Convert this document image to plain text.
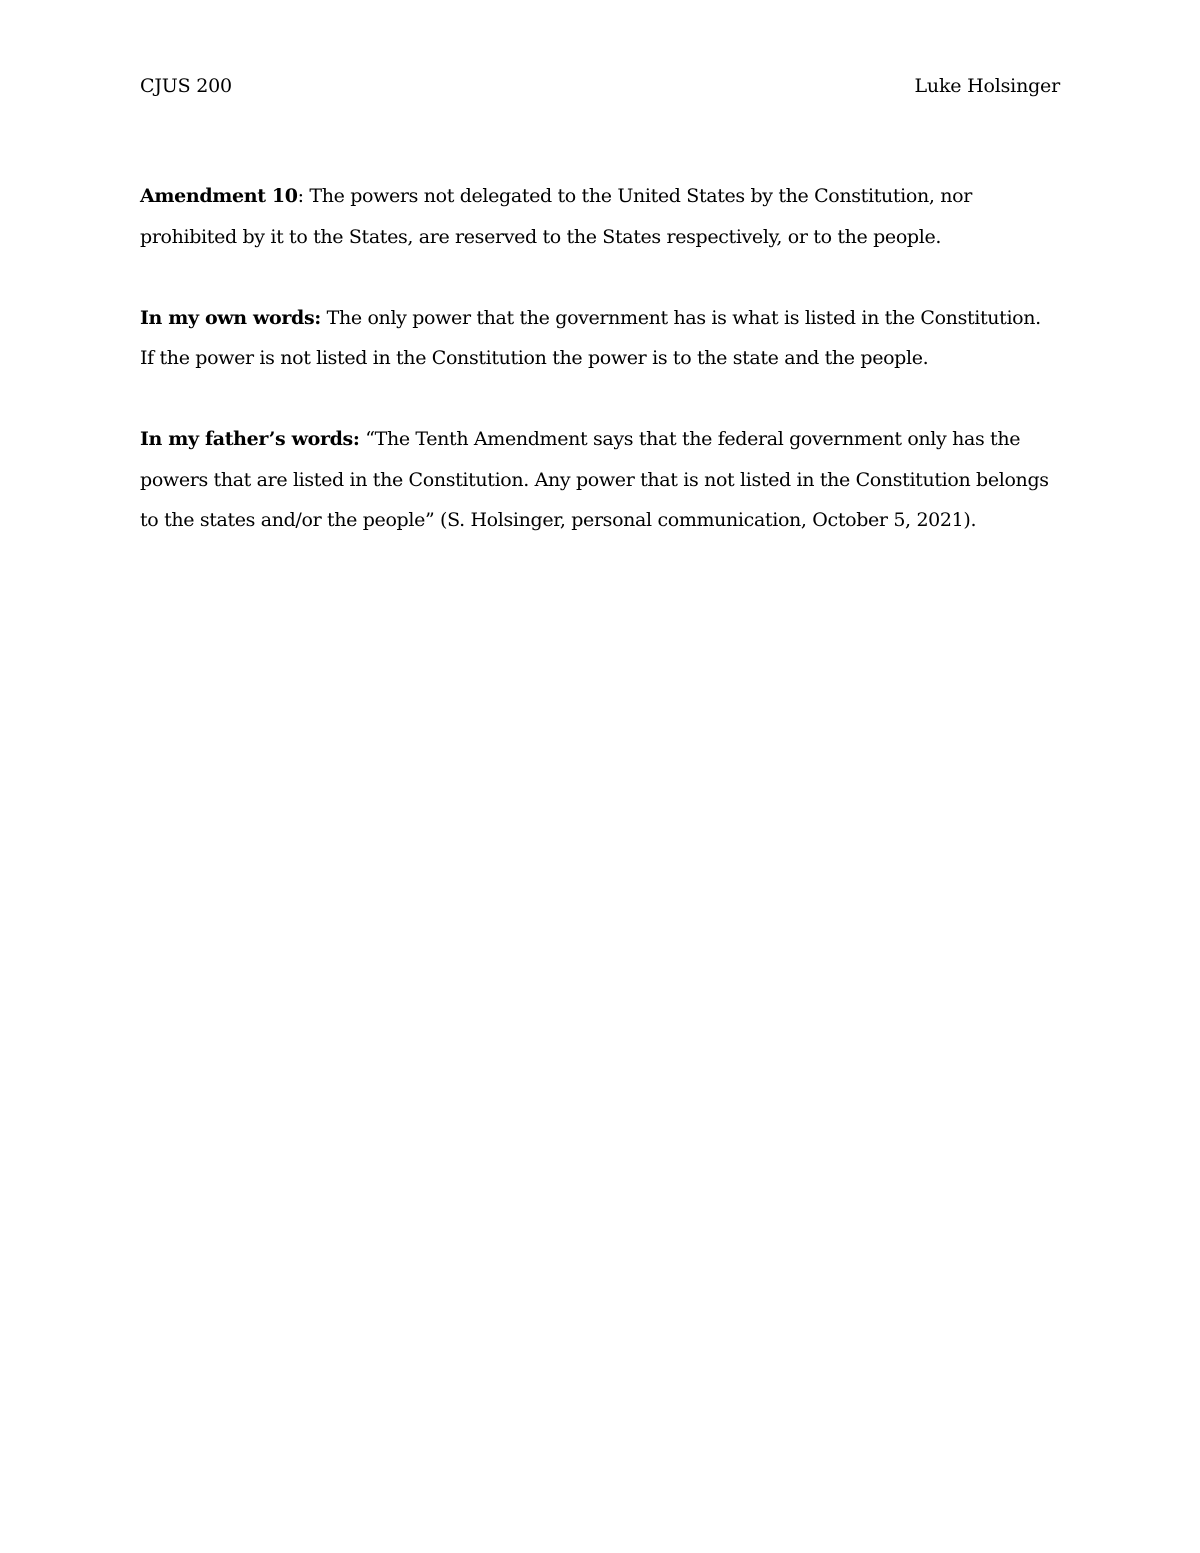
CJUS 200	Luke Holsinger

Amendment 10: The powers not delegated to the United States by the Constitution, nor
prohibited by it to the States, are reserved to the States respectively, or to the people.

In my own words: The only power that the government has is what is listed in the Constitution.
If the power is not listed in the Constitution the power is to the state and the people.

In my father’s words: “The Tenth Amendment says that the federal government only has the
powers that are listed in the Constitution. Any power that is not listed in the Constitution belongs
to the states and/or the people” (S. Holsinger, personal communication, October 5, 2021).
